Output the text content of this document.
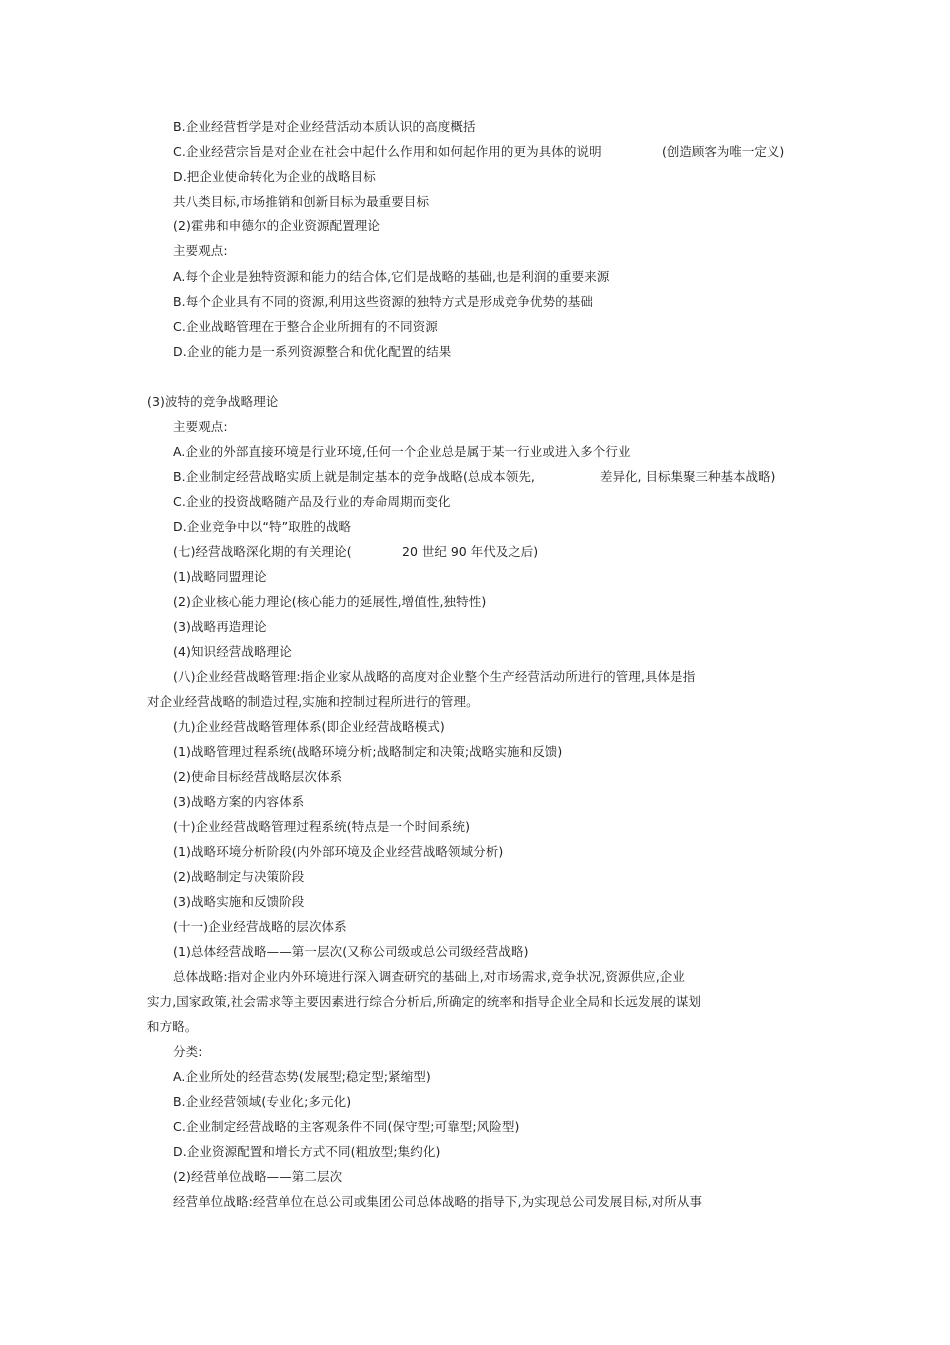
B.企业经营哲学是对企业经营活动本质认识的高度概括
C.企业经营宗旨是对企业在社会中起什么作用和如何起作用的更为具体的说明	(创造顾客为唯一定义)
D.把企业使命转化为企业的战略目标
共八类目标,市场推销和创新目标为最重要目标
(2)霍弗和申德尔的企业资源配置理论
主要观点:
A.每个企业是独特资源和能力的结合体,它们是战略的基础,也是利润的重要来源
B.每个企业具有不同的资源,利用这些资源的独特方式是形成竞争优势的基础
C.企业战略管理在于整合企业所拥有的不同资源
D.企业的能力是一系列资源整合和优化配置的结果
(3)波特的竞争战略理论
主要观点:
A.企业的外部直接环境是行业环境,任何一个企业总是属于某一行业或进入多个行业
B.企业制定经营战略实质上就是制定基本的竞争战略(总成本领先,	差异化, 目标集聚三种基本战略)
C.企业的投资战略随产品及行业的寿命周期而变化
D.企业竞争中以“特”取胜的战略
(七)经营战略深化期的有关理论(	20 世纪 90 年代及之后)
(1)战略同盟理论
(2)企业核心能力理论(核心能力的延展性,增值性,独特性)
(3)战略再造理论
(4)知识经营战略理论
(八)企业经营战略管理:指企业家从战略的高度对企业整个生产经营活动所进行的管理,具体是指
对企业经营战略的制造过程,实施和控制过程所进行的管理。
(九)企业经营战略管理体系(即企业经营战略模式)
(1)战略管理过程系统(战略环境分析;战略制定和决策;战略实施和反馈)
(2)使命目标经营战略层次体系
(3)战略方案的内容体系
(十)企业经营战略管理过程系统(特点是一个时间系统)
(1)战略环境分析阶段(内外部环境及企业经营战略领域分析)
(2)战略制定与决策阶段
(3)战略实施和反馈阶段
(十一)企业经营战略的层次体系
(1)总体经营战略——第一层次(又称公司级或总公司级经营战略)
总体战略:指对企业内外环境进行深入调查研究的基础上,对市场需求,竞争状况,资源供应,企业
实力,国家政策,社会需求等主要因素进行综合分析后,所确定的统率和指导企业全局和长远发展的谋划
和方略。
分类:
A.企业所处的经营态势(发展型;稳定型;紧缩型)
B.企业经营领域(专业化;多元化)
C.企业制定经营战略的主客观条件不同(保守型;可靠型;风险型)
D.企业资源配置和增长方式不同(粗放型;集约化)
(2)经营单位战略——第二层次
经营单位战略:经营单位在总公司或集团公司总体战略的指导下,为实现总公司发展目标,对所从事
